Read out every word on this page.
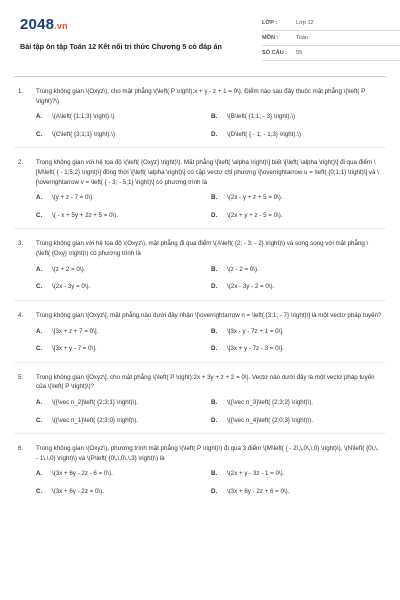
2048.vn
Bài tập ôn tập Toán 12 Kết nối tri thức Chương 5 có đáp án
LỚP :	Lớp 12
MÔN :	Toán
SỐ CÂU :	55
1.	Trong không gian \(Oxyz\), cho mặt phẳng \(\left( P \right):x + y - z + 1 = 0\). Điểm nào sau đây thuộc mặt phẳng \(\left( P \right)?\)
A.	\(A\left( {1;1;3} \right).\)	B.	\(B\left( {1;1; - 3} \right).\)
C.	\(C\left( {3;1;1} \right).\)	D.	\(D\left( { - 1; - 1;3} \right).\)
2.	Trong không gian với hệ tọa độ \(\left( {Oxyz} \right)\). Mặt phẳng \[\left( \alpha \right)\] biết \[\left( \alpha \right)\] đi qua điểm \[M\left( { - 1;5;2} \right)\] đồng thời \[\left( \alpha \right)\] có cặp vectơ chỉ phương \[\overrightarrow u = \left( {0;1;1} \right)\] và \[\overrightarrow v = \left( { - 3; - 5;1} \right)\] có phương trình là
A.	\(y + z - 7 = 0\).	B.	\(2x - y + z + 5 = 0\).
C.	\( - x + 5y + 2z + 5 = 0\).	D.	\(2x + y + z - 5 = 0\).
3.	Trong không gian với hệ tọa độ \(Oxyz\), mặt phẳng đi qua điểm \(A\left( {2; - 3; - 2} \right)\) và song song với mặt phẳng \(\left( {Oxy} \right)\) có phương trình là
A.	\(z + 2 = 0\).	B.	\(z - 2 = 0\).
C.	\(2x - 3y = 0\).	D.	\(2x - 3y - 2 = 0\).
4.	Trong không gian \[Oxyz\], mặt phẳng nào dưới đây nhận \[\overrightarrow n = \left( {3;1; - 7} \right)\] là một vectơ pháp tuyến?
A.	\[3x + z + 7 = 0\].	B.	\[3x - y - 7z + 1 = 0\].
C.	\[3x + y - 7 = 0\].	D.	\[3x + y - 7z - 3 = 0\].
5.	Trong không gian \[Oxyz\], cho mặt phẳng \(\left( P \right):2x + 3y + z + 2 = 0\). Vectơ nào dưới đây là một vectơ pháp tuyến của \(\left( P \right)\)?
A.	\({\vec n_2}\left( {2;3;1} \right)\).	B.	\({\vec n_3}\left( {2;3;2} \right)\).
C.	\({\vec n_1}\left( {2;3;0} \right)\).	D.	\({\vec n_4}\left( {2;0;3} \right)\).
6.	Trong không gian \(Oxyz\), phương trình mặt phẳng \(\left( P \right)\) đi qua 3 điểm \(M\left( { - 2\,\,0\,\,0} \right)\), \(N\left( {0\,\, - 1\,\,0} \right)\) và \(P\left( {0\,\,0\,\,3} \right)\) là
A.	\(3x + 6y - 2z - 6 = 0\).	B.	\(2x + y - 3z - 1 = 0\).
C.	\(3x + 6y - 2z = 0\).	D.	\(3x + 6y - 2z + 6 = 0\).
